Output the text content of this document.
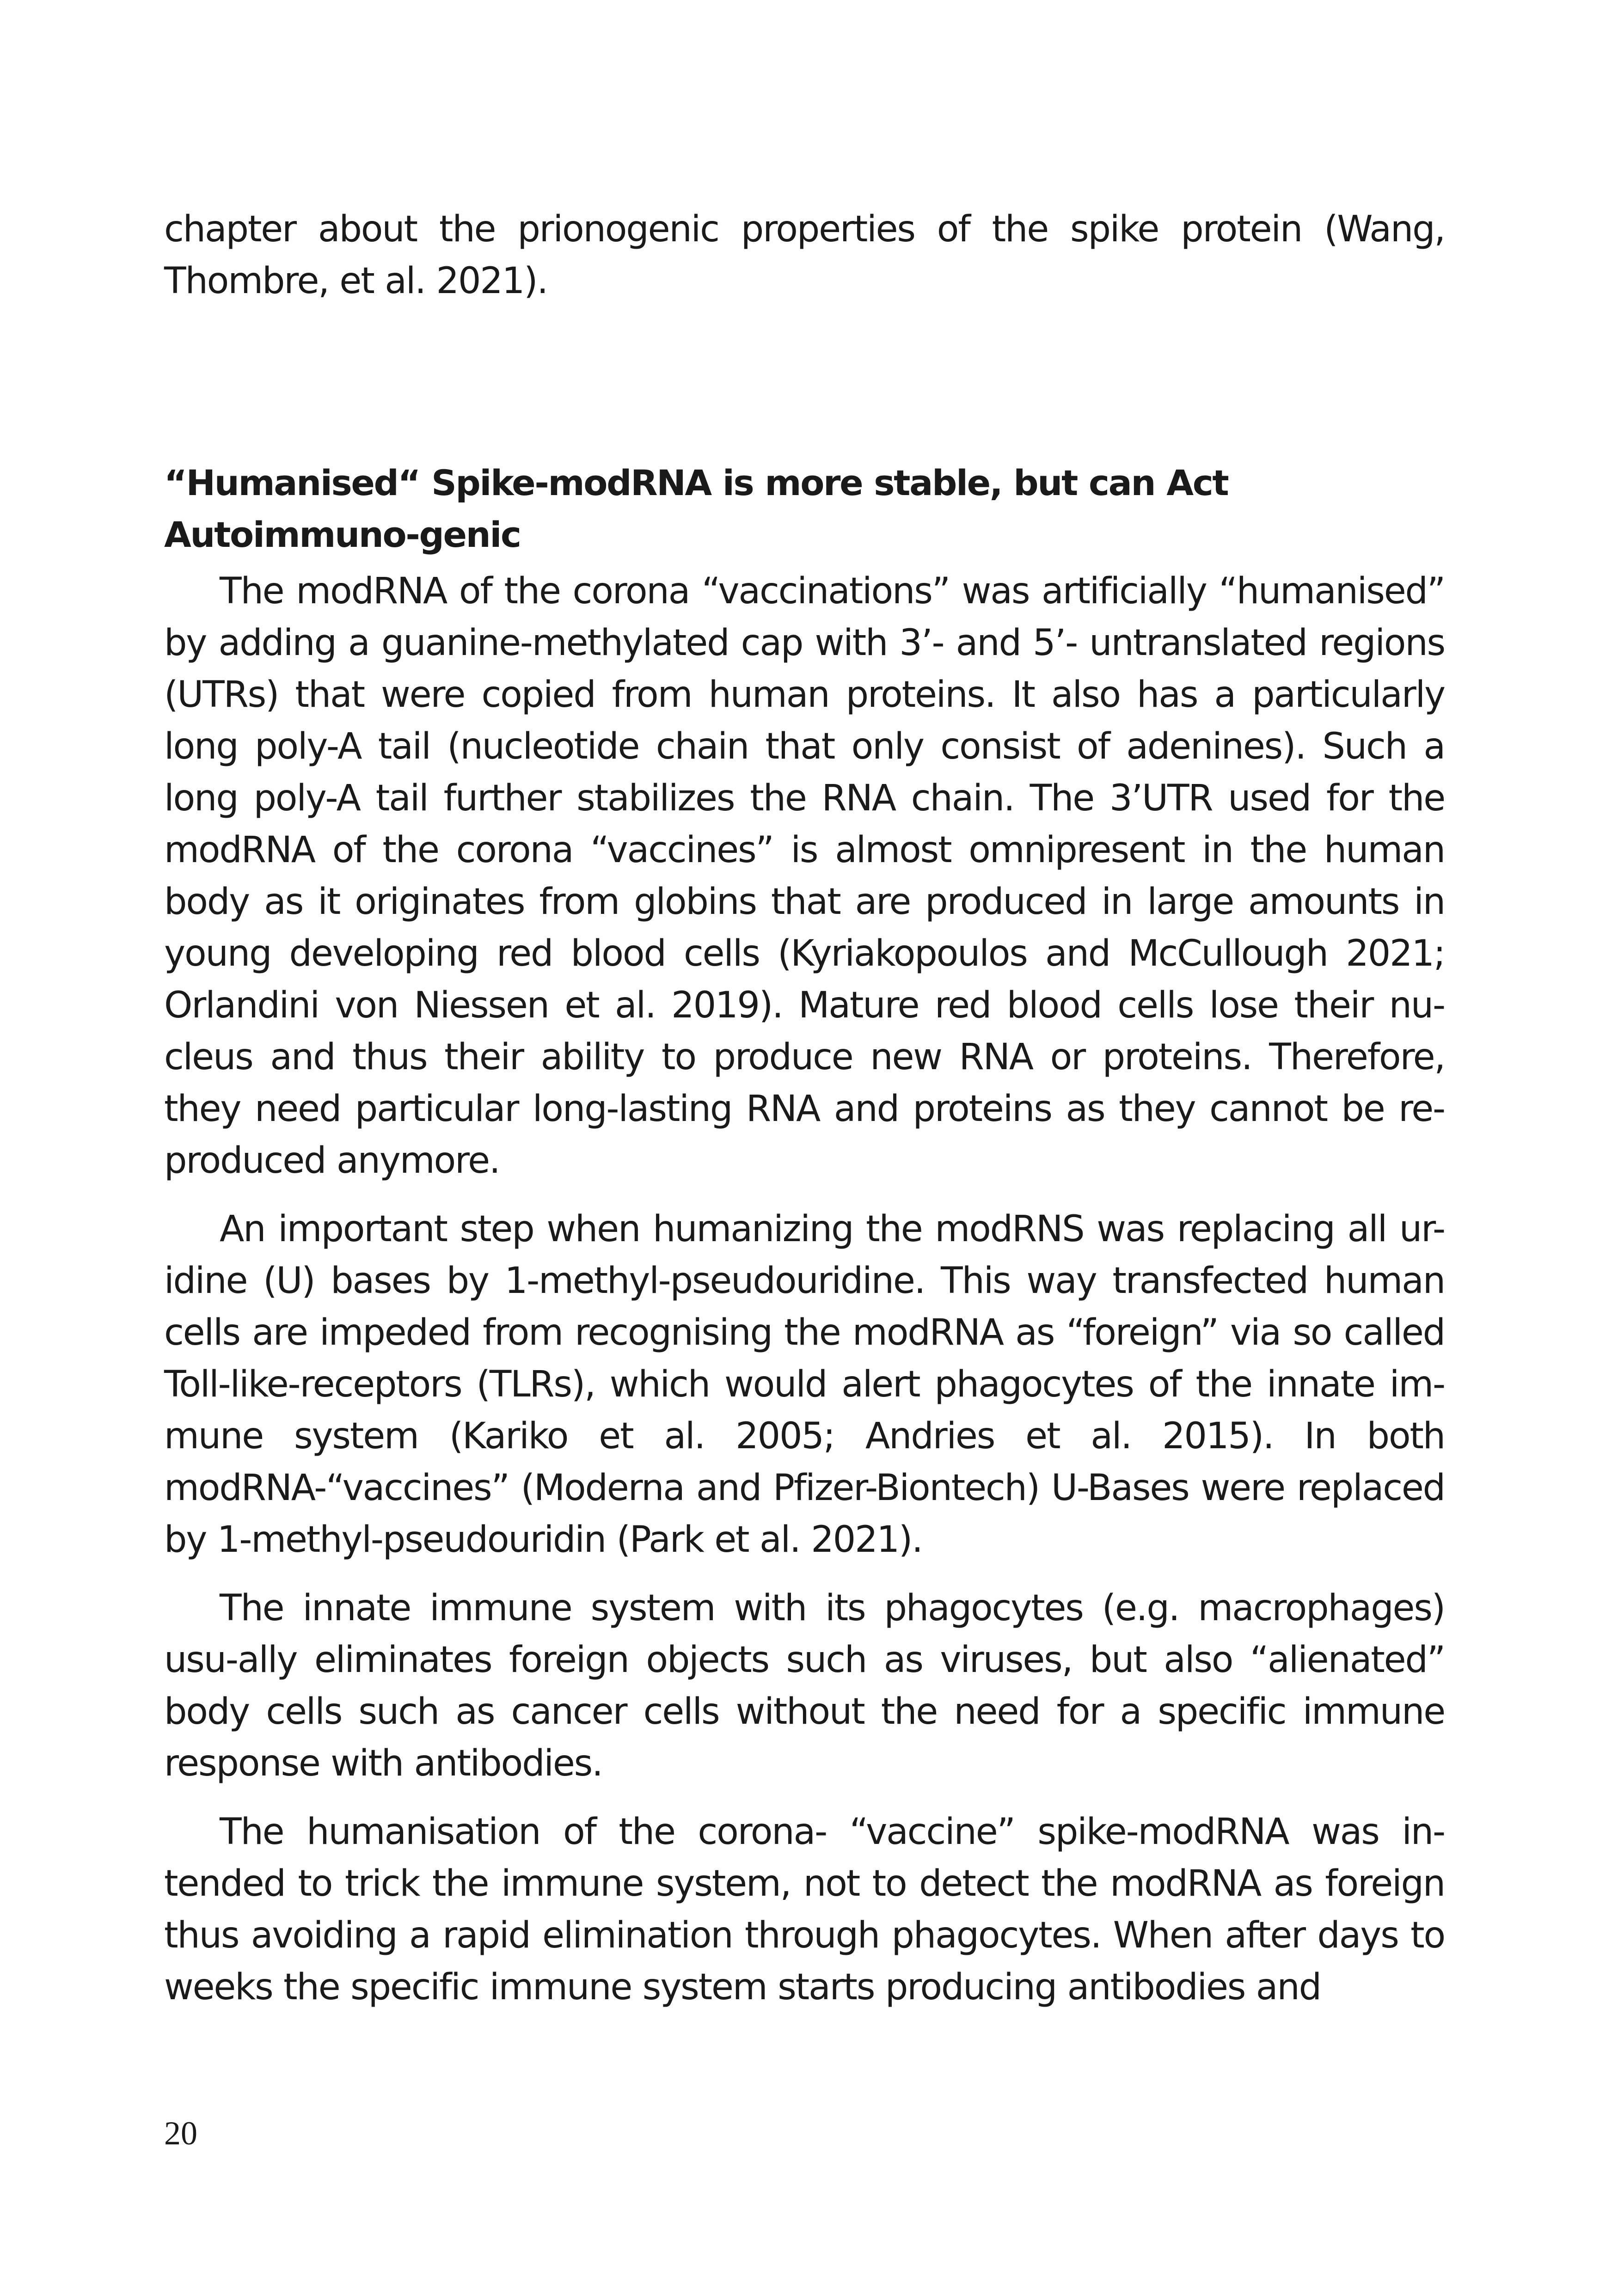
chapter about the prionogenic properties of the spike protein (Wang, Thombre, et al. 2021).

“Humanised“ Spike-modRNA is more stable, but can Act Autoimmuno-genic

The modRNA of the corona “vaccinations” was artificially “humanised” by adding a guanine-methylated cap with 3’- and 5’- untranslated regions (UTRs) that were copied from human proteins. It also has a particularly long poly-A tail (nucleotide chain that only consist of adenines). Such a long poly-A tail further stabilizes the RNA chain. The 3’UTR used for the modRNA of the corona “vaccines” is almost omnipresent in the human body as it originates from globins that are produced in large amounts in young developing red blood cells (Kyriakopoulos and McCullough 2021; Orlandini von Niessen et al. 2019). Mature red blood cells lose their nu-cleus and thus their ability to produce new RNA or proteins. Therefore, they need particular long-lasting RNA and proteins as they cannot be re-produced anymore.

An important step when humanizing the modRNS was replacing all ur-idine (U) bases by 1-methyl-pseudouridine. This way transfected human cells are impeded from recognising the modRNA as “foreign” via so called Toll-like-receptors (TLRs), which would alert phagocytes of the innate im-mune system (Kariko et al. 2005; Andries et al. 2015). In both modRNA-“vaccines” (Moderna and Pfizer-Biontech) U-Bases were replaced by 1-methyl-pseudouridin (Park et al. 2021).

The innate immune system with its phagocytes (e.g. macrophages) usu-ally eliminates foreign objects such as viruses, but also “alienated” body cells such as cancer cells without the need for a specific immune response with antibodies.

The humanisation of the corona- “vaccine” spike-modRNA was in-tended to trick the immune system, not to detect the modRNA as foreign thus avoiding a rapid elimination through phagocytes. When after days to weeks the specific immune system starts producing antibodies and

20
